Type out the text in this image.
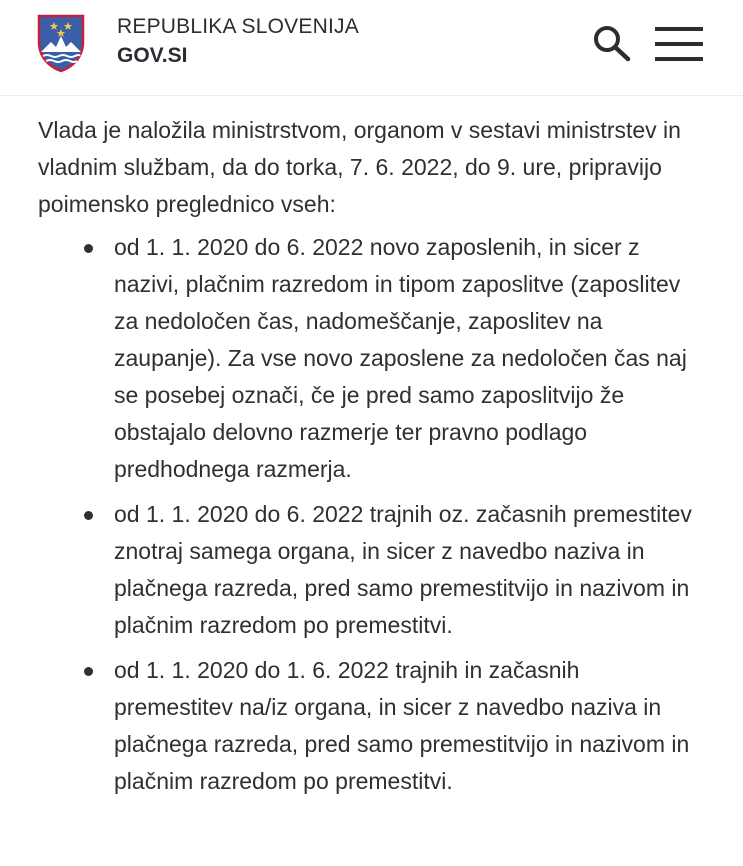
REPUBLIKA SLOVENIJA
GOV.SI

Vlada je naložila ministrstvom, organom v sestavi ministrstev in vladnim službam, da do torka, 7. 6. 2022, do 9. ure, pripravijo poimensko preglednico vseh:

od 1. 1. 2020 do 6. 2022 novo zaposlenih, in sicer z nazivi, plačnim razredom in tipom zaposlitve (zaposlitev za nedoločen čas, nadomeščanje, zaposlitev na zaupanje). Za vse novo zaposlene za nedoločen čas naj se posebej označi, če je pred samo zaposlitvijo že obstajalo delovno razmerje ter pravno podlago predhodnega razmerja.
od 1. 1. 2020 do 6. 2022 trajnih oz. začasnih premestitev znotraj samega organa, in sicer z navedbo naziva in plačnega razreda, pred samo premestitvijo in nazivom in plačnim razredom po premestitvi.
od 1. 1. 2020 do 1. 6. 2022 trajnih in začasnih premestitev na/iz organa, in sicer z navedbo naziva in plačnega razreda, pred samo premestitvijo in nazivom in plačnim razredom po premestitvi.
